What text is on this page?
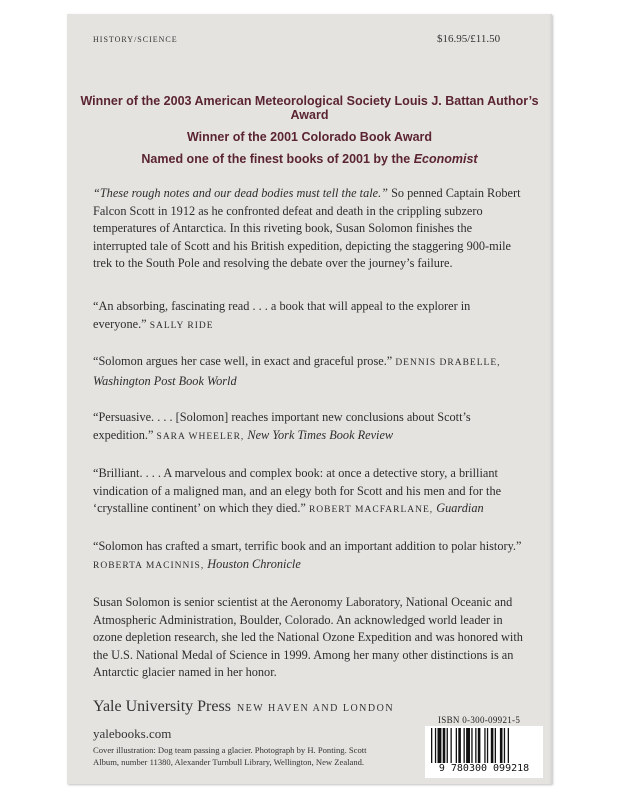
HISTORY/SCIENCE	$16.95/£11.50
Winner of the 2003 American Meteorological Society Louis J. Battan Author’s Award
Winner of the 2001 Colorado Book Award
Named one of the finest books of 2001 by the Economist
“These rough notes and our dead bodies must tell the tale.” So penned Captain Robert Falcon Scott in 1912 as he confronted defeat and death in the crippling subzero temperatures of Antarctica. In this riveting book, Susan Solomon finishes the interrupted tale of Scott and his British expedition, depicting the staggering 900-mile trek to the South Pole and resolving the debate over the journey’s failure.
“An absorbing, fascinating read . . . a book that will appeal to the explorer in everyone.” SALLY RIDE
“Solomon argues her case well, in exact and graceful prose.” DENNIS DRABELLE, Washington Post Book World
“Persuasive. . . . [Solomon] reaches important new conclusions about Scott’s expedition.” SARA WHEELER, New York Times Book Review
“Brilliant. . . . A marvelous and complex book: at once a detective story, a brilliant vindication of a maligned man, and an elegy both for Scott and his men and for the ‘crystalline continent’ on which they died.” ROBERT MACFARLANE, Guardian
“Solomon has crafted a smart, terrific book and an important addition to polar history.” ROBERTA MACINNIS, Houston Chronicle
Susan Solomon is senior scientist at the Aeronomy Laboratory, National Oceanic and Atmospheric Administration, Boulder, Colorado. An acknowledged world leader in ozone depletion research, she led the National Ozone Expedition and was honored with the U.S. National Medal of Science in 1999. Among her many other distinctions is an Antarctic glacier named in her honor.
Yale University Press NEW HAVEN AND LONDON
yalebooks.com
Cover illustration: Dog team passing a glacier. Photograph by H. Ponting. Scott Album, number 11380, Alexander Turnbull Library, Wellington, New Zealand.
ISBN 0-300-09921-5
9 780300 099218
